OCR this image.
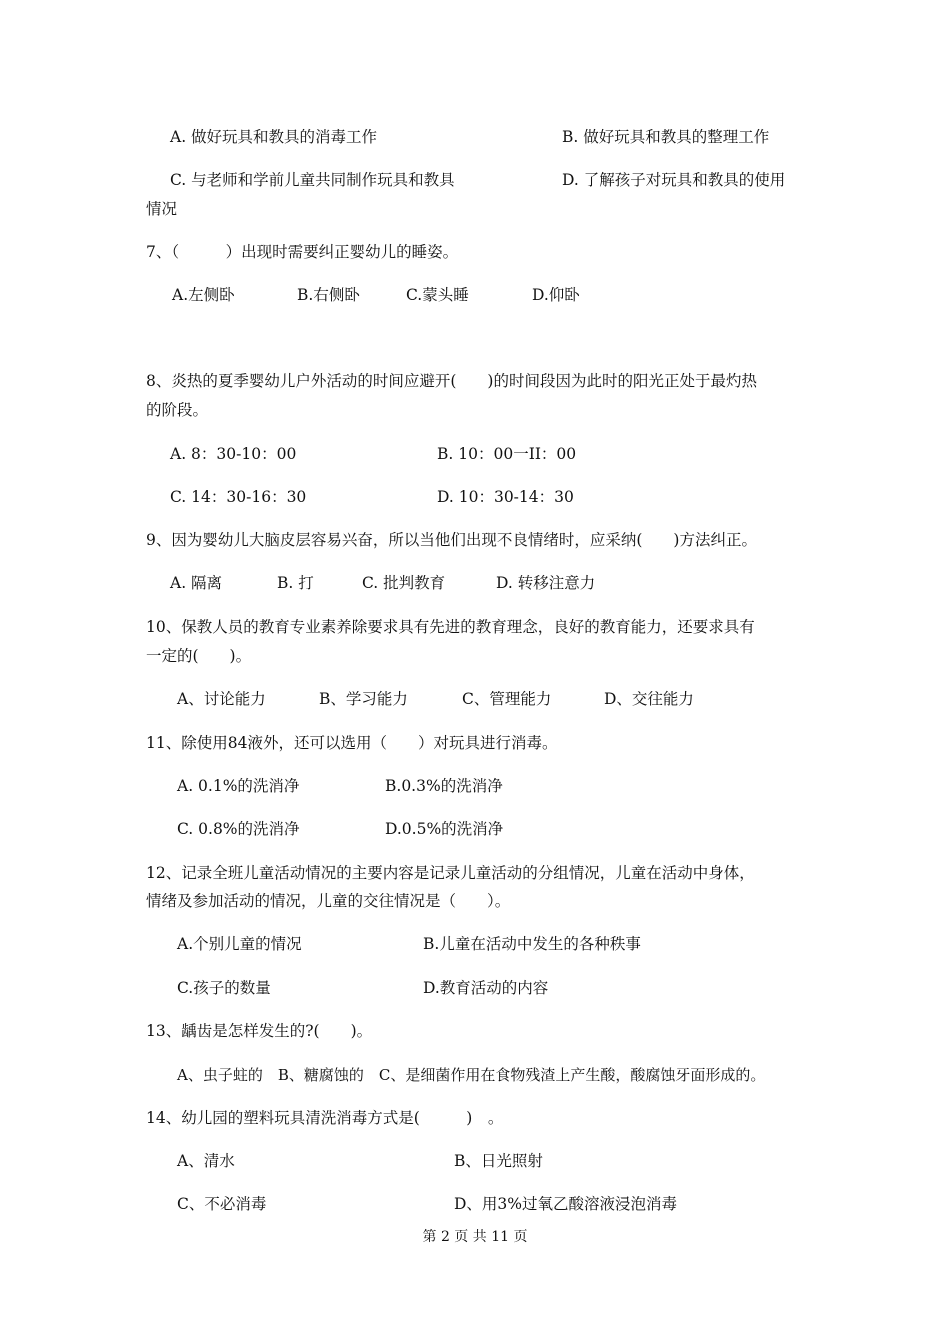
A. 做好玩具和教具的消毒工作	B. 做好玩具和教具的整理工作
C. 与老师和学前儿童共同制作玩具和教具	D. 了解孩子对玩具和教具的使用
情况
7、（　　　）出现时需要纠正婴幼儿的睡姿。
A.左侧卧	B.右侧卧	C.蒙头睡	D.仰卧
8、炎热的夏季婴幼儿户外活动的时间应避开(　　)的时间段因为此时的阳光正处于最灼热
的阶段。
A. 8：30-10：00	B. 10：00一II：00
C. 14：30-16：30	D. 10：30-14：30
9、因为婴幼儿大脑皮层容易兴奋，所以当他们出现不良情绪时，应采纳(　　)方法纠正。
A. 隔离	B. 打	C. 批判教育	D. 转移注意力
10、保教人员的教育专业素养除要求具有先进的教育理念，良好的教育能力，还要求具有
一定的(　　)。
A、讨论能力	B、学习能力	C、管理能力	D、交往能力
11、除使用84液外，还可以选用（　　）对玩具进行消毒。
A. 0.1%的洗消净	B.0.3%的洗消净
C. 0.8%的洗消净	D.0.5%的洗消净
12、记录全班儿童活动情况的主要内容是记录儿童活动的分组情况，儿童在活动中身体，
情绪及参加活动的情况，儿童的交往情况是（　　）。
A.个别儿童的情况	B.儿童在活动中发生的各种秩事
C.孩子的数量	D.教育活动的内容
13、龋齿是怎样发生的?(　　)。
A、虫子蛀的　B、糖腐蚀的　C、是细菌作用在食物残渣上产生酸，酸腐蚀牙面形成的。
14、幼儿园的塑料玩具清洗消毒方式是(　　　)　。
A、清水	B、日光照射
C、不必消毒	D、用3%过氧乙酸溶液浸泡消毒
第 2 页 共 11 页
